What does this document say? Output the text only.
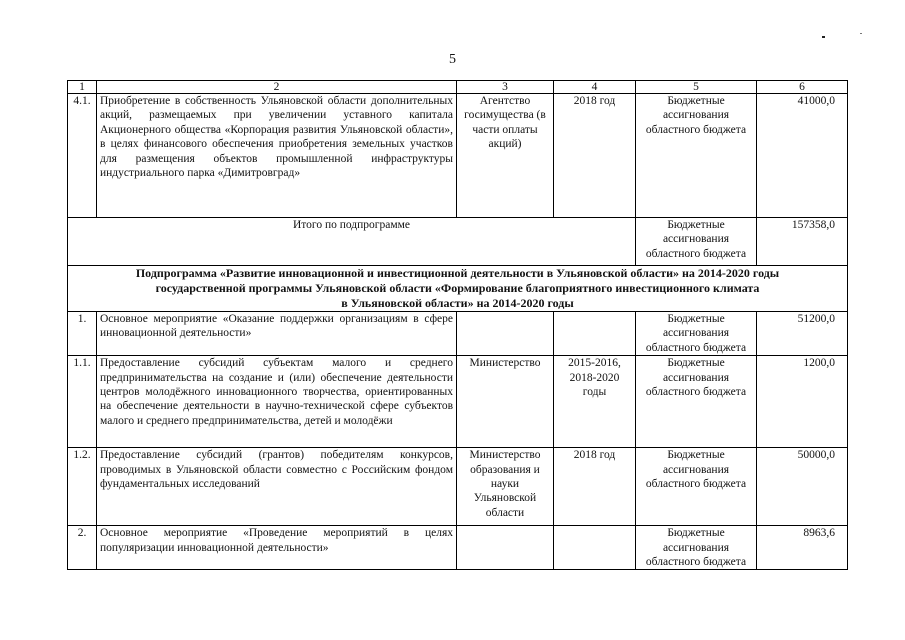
5
1	2	3	4	5	6
4.1.	Приобретение в собственность Ульяновской области дополнительных акций, размещаемых при увеличении уставного капитала Акционерного общества «Корпорация развития Ульяновской области», в целях финансового обеспечения приобретения земельных участков для размещения объектов промышленной инфраструктуры индустриального парка «Димитровград»	Агентство госимущества (в части оплаты акций)	2018 год	Бюджетные ассигнования областного бюджета	41000,0
Итого по подпрограмме				Бюджетные ассигнования областного бюджета	157358,0

Подпрограмма «Развитие инновационной и инвестиционной деятельности в Ульяновской области» на 2014-2020 годы
государственной программы Ульяновской области «Формирование благоприятного инвестиционного климата
в Ульяновской области» на 2014-2020 годы					

1.	Основное мероприятие «Оказание поддержки организациям в сфере инновационной деятельности»			Бюджетные ассигнования областного бюджета	51200,0
1.1.	Предоставление субсидий субъектам малого и среднего предпринимательства на создание и (или) обеспечение деятельности центров молодёжного инновационного творчества, ориентированных на обеспечение деятельности в научно-технической сфере субъектов малого и среднего предпринимательства, детей и молодёжи	Министерство	2015-2016, 2018-2020 годы	Бюджетные ассигнования областного бюджета	1200,0
1.2.	Предоставление субсидий (грантов) победителям конкурсов, проводимых в Ульяновской области совместно с Российским фондом фундаментальных исследований	Министерство образования и науки Ульяновской области	2018 год	Бюджетные ассигнования областного бюджета	50000,0
2.	Основное мероприятие «Проведение мероприятий в целях популяризации инновационной деятельности»			Бюджетные ассигнования областного бюджета	8963,6
